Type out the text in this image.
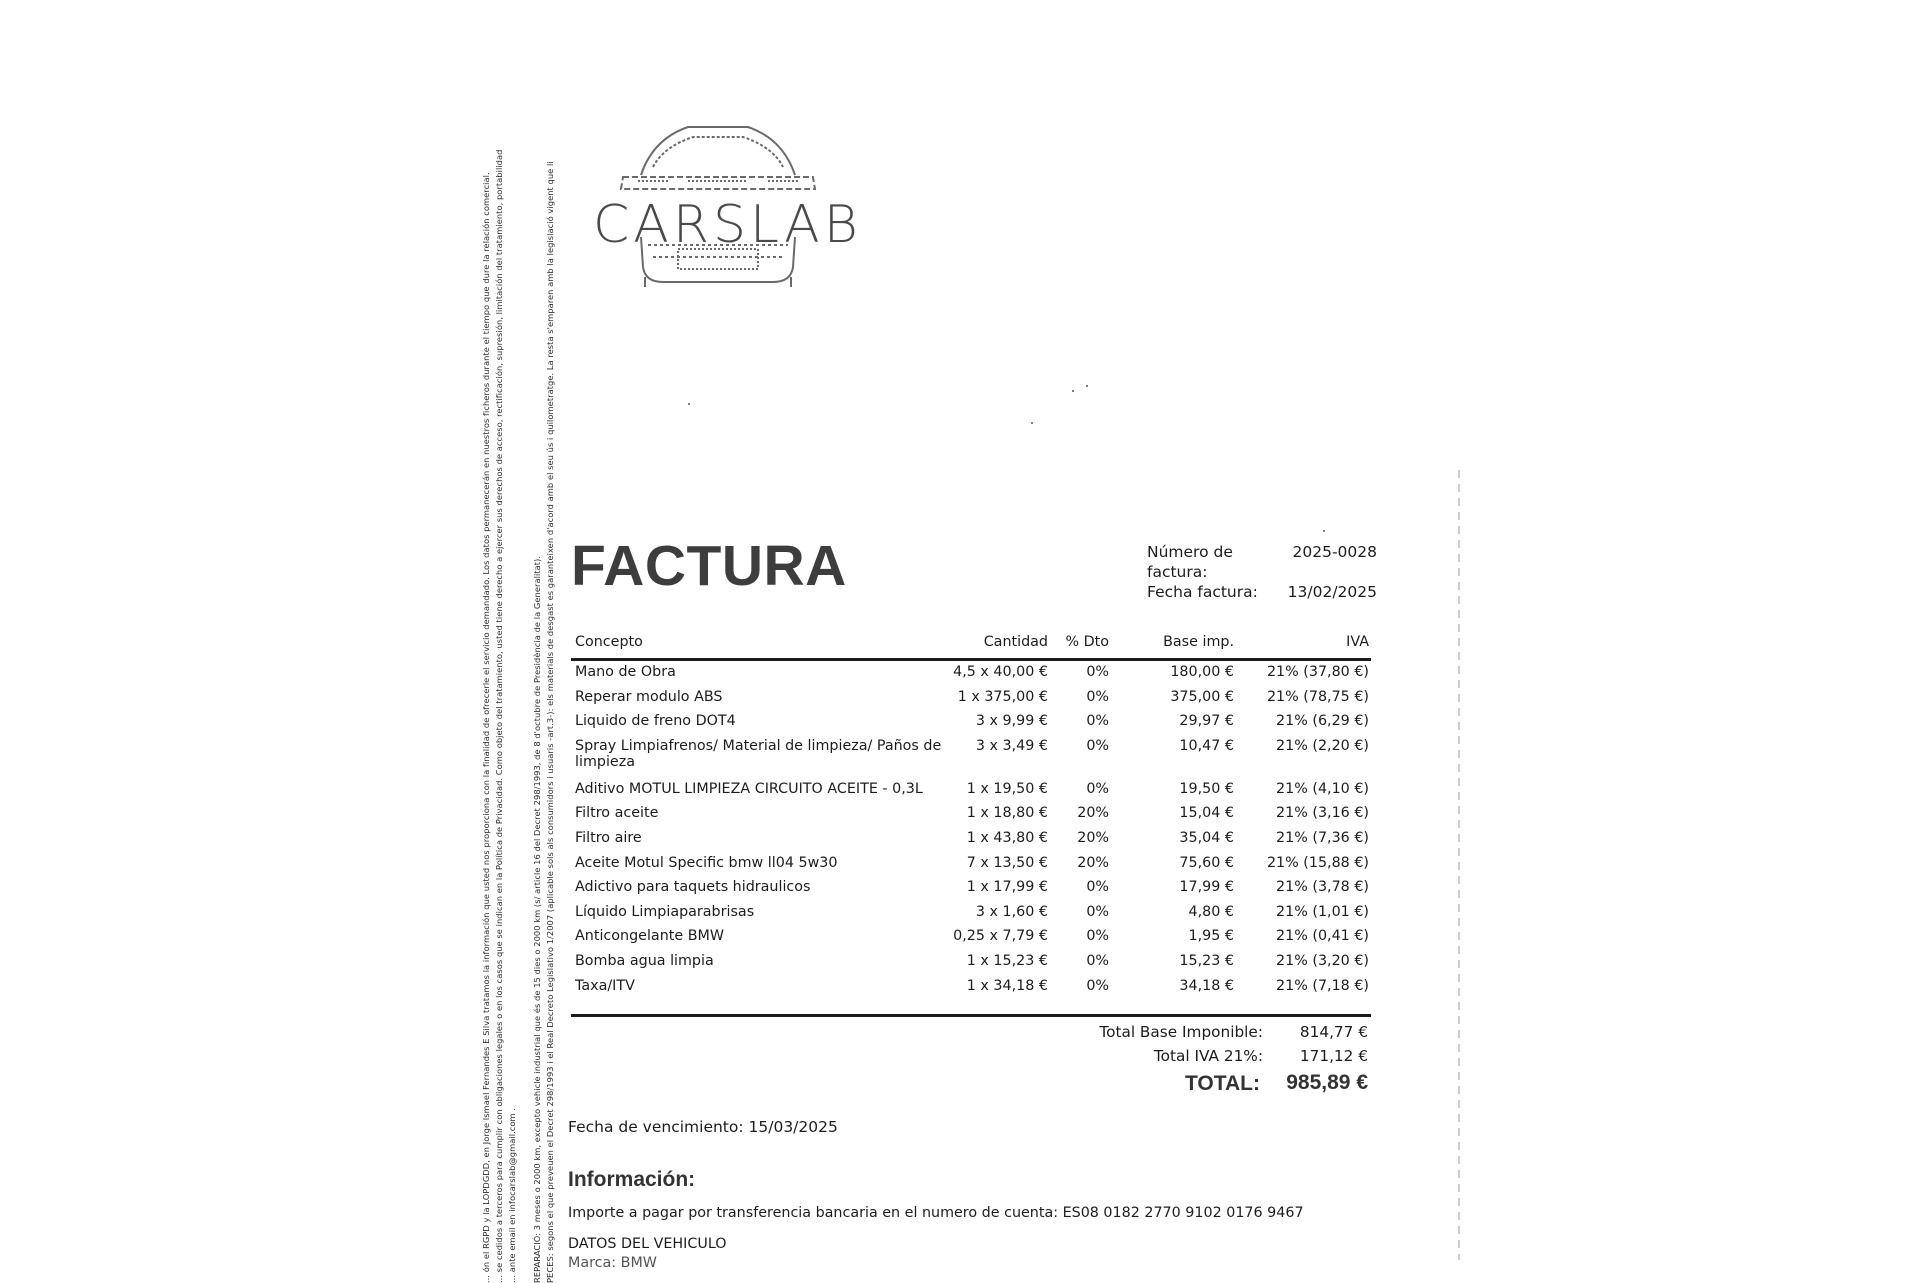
... ón el RGPD y la LOPDGDD, en Jorge Ismael Fernandes E Silva tratamos la información que usted nos proporciona con la finalidad de ofrecerle el servicio demandado. Los datos permanecerán en nuestros ficheros durante el tiempo que dure la relación comercial. ... se cedidos a terceros para cumplir con obligaciones legales o en los casos que se indican en la Política de Privacidad. Como objeto del tratamiento, usted tiene derecho a ejercer sus derechos de acceso, rectificación, supresión, limitación del tratamiento, portabilidad ... ante email en infocarslab@gmail.com . REPARACIÓ: 3 meses o 2000 km, excepto vehicle industrial que és de 15 dies o 2000 km (s/ article 16 del Decret 298/1993, de 8 d'octubre de Presidència de la Generalitat). PECES: segons el que preveuen el Decret 298/1993 i el Real Decreto Legislativo 1/2007 (aplicable sols als consumidors i usuaris -art.3-): els materials de desgast es garanteixen d'acord amb el seu ús i quilometratge. La resta s'emparen amb la legislació vigent que li CARSLAB
FACTURA	Número de factura:
2025-0028
Fecha factura:	13/02/2025
Concepto	Cantidad % Dto	Base imp.	IVA
Mano de Obra	4,5 x 40,00 €	0%	180,00 € 21% (37,80 €)
Reperar modulo ABS	1 x 375,00 €	0%	375,00 € 21% (78,75 €)
Liquido de freno DOT4	3 x 9,99 €	0%	29,97 €	21% (6,29 €)
Spray Limpiafrenos/ Material de limpieza/ Paños de limpieza
3 x 3,49 €	0%	10,47 €	21% (2,20 €)
Aditivo MOTUL LIMPIEZA CIRCUITO ACEITE - 0,3L	1 x 19,50 €	0%	19,50 €	21% (4,10 €)
Filtro aceite	1 x 18,80 € 20%	15,04 €	21% (3,16 €)
Filtro aire	1 x 43,80 € 20%	35,04 €	21% (7,36 €)
Aceite Motul Specific bmw ll04 5w30	7 x 13,50 € 20%	75,60 € 21% (15,88 €)
Adictivo para taquets hidraulicos	1 x 17,99 €	0%	17,99 €	21% (3,78 €)
Líquido Limpiaparabrisas	3 x 1,60 €	0%	4,80 €	21% (1,01 €)
Anticongelante BMW	0,25 x 7,79 €	0%	1,95 €	21% (0,41 €)
Bomba agua limpia	1 x 15,23 €	0%	15,23 €	21% (3,20 €)
Taxa/ITV	1 x 34,18 €	0%	34,18 €	21% (7,18 €)
Total Base Imponible: 814,77 €
Total IVA 21%: 171,12 €
TOTAL: 985,89 €
Fecha de vencimiento: 15/03/2025
Información:
Importe a pagar por transferencia bancaria en el numero de cuenta: ES08 0182 2770 9102 0176 9467
DATOS DEL VEHICULO
Marca: BMW
